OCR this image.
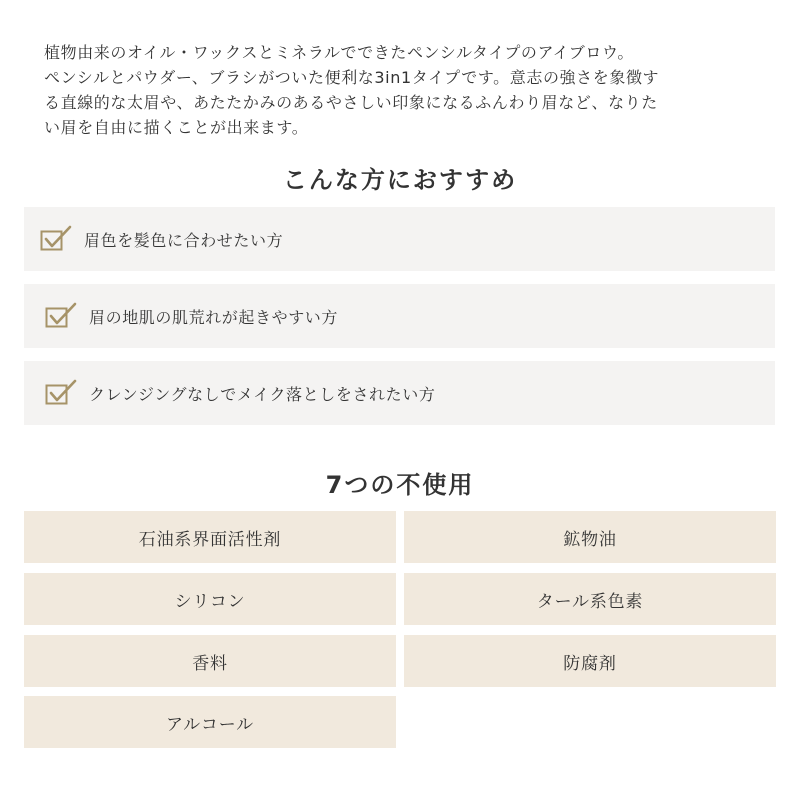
植物由来のオイル・ワックスとミネラルでできたペンシルタイプのアイブロウ。

ペンシルとパウダー、ブラシがついた便利な3in1タイプです。意志の強さを象徴す

る直線的な太眉や、あたたかみのあるやさしい印象になるふんわり眉など、なりた

い眉を自由に描くことが出来ます。

こんな方におすすめ
眉色を髪色に合わせたい方
眉の地肌の肌荒れが起きやすい方
クレンジングなしでメイク落としをされたい方
7つの不使用
石油系界面活性剤	鉱物油
シリコン	タール系色素
香料	防腐剤
アルコール
